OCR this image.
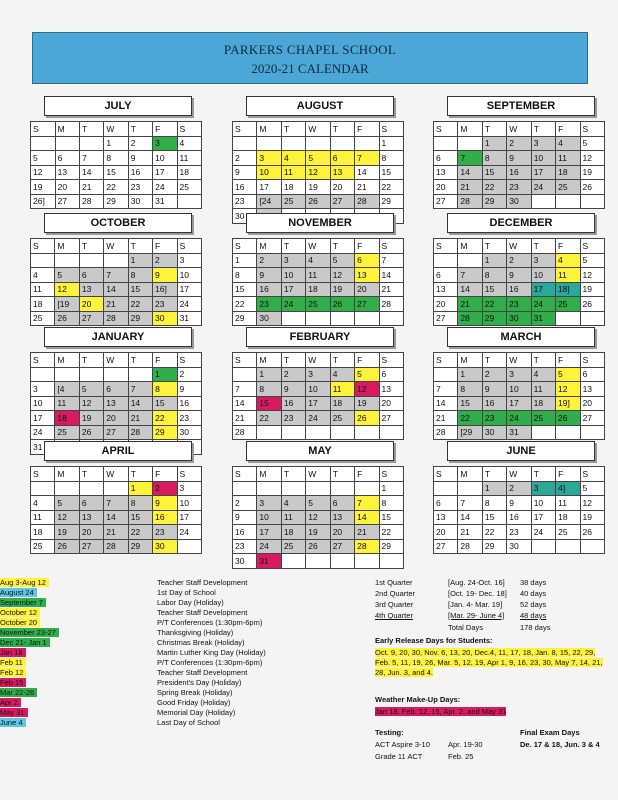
PARKERS CHAPEL SCHOOL
2020-21 CALENDAR
JULY
S	M	T	W	T	F	S
			1	2	3	4
5	6	7	8	9	10	11
12	13	14	15	16	17	18
19	20	21	22	23	24	25
26]	27	28	29	30	31	
AUGUST
S	M	T	W	T	F	S
						1
2	3	4	5	6	7	8
9	10	11	12	13	14	15
16	17	18	19	20	21	22
23	[24	25	26	27	28	29
30						
SEPTEMBER
S	M	T	W	T	F	S
		1	2	3	4	5
6	7	8	9	10	11	12
13	14	15	16	17	18	19
20	21	22	23	24	25	26
27	28	29	30			
OCTOBER
S	M	T	W	T	F	S
				1	2	3
4	5	6	7	8	9	10
11	12	13	14	15	16]	17
18	[19	20	21	22	23	24
25	26	27	28	29	30	31
NOVEMBER
S	M	T	W	T	F	S
1	2	3	4	5	6	7
8	9	10	11	12	13	14
15	16	17	18	19	20	21
22	23	24	25	26	27	28
29	30					
DECEMBER
S	M	T	W	T	F	S
		1	2	3	4	5
6	7	8	9	10	11	12
13	14	15	16	17	18]	19
20	21	22	23	24	25	26
27	28	29	30	31		
JANUARY
S	M	T	W	T	F	S
					1	2
3	[4	5	6	7	8	9
10	11	12	13	14	15	16
17	18	19	20	21	22	23
24	25	26	27	28	29	30
31						
FEBRUARY
S	M	T	W	T	F	S
	1	2	3	4	5	6
7	8	9	10	11	12	13
14	15	16	17	18	19	20
21	22	23	24	25	26	27
28						
MARCH
S	M	T	W	T	F	S
	1	2	3	4	5	6
7	8	9	10	11	12	13
14	15	16	17	18	19]	20
21	22	23	24	25	26	27
28	[29	30	31			
APRIL
S	M	T	W	T	F	S
				1	2	3
4	5	6	7	8	9	10
11	12	13	14	15	16	17
18	19	20	21	22	23	24
25	26	27	28	29	30	
MAY
S	M	T	W	T	F	S
						1
2	3	4	5	6	7	8
9	10	11	12	13	14	15
16	17	18	19	20	21	22
23	24	25	26	27	28	29
30	31					
JUNE
S	M	T	W	T	F	S
		1	2	3	4]	5
6	7	8	9	10	11	12
13	14	15	16	17	18	19
20	21	22	23	24	25	26
27	28	29	30			
Aug 3-Aug 12	Teacher Staff Development
August 24	1st Day of School
September 7	Labor Day (Holiday)
October 12	Teacher Staff Development
October 20	P/T Conferences (1:30pm-6pm)
November 23-27	Thanksgiving (Holiday)
Dec 21- Jan 1	Christmas Break (Holiday)
Jan 18	Martin Luther King Day (Holiday)
Feb 11	P/T Conferences (1:30pm-6pm)
Feb 12	Teacher Staff Development
Feb 15	President's Day (Holiday)
Mar 22-26	Spring Break (Holiday)
Apr 2	Good Friday (Holiday)
May 31	Memorial Day (Holiday)
June 4	Last Day of School
1st Quarter	[Aug. 24-Oct. 16] 38 days
2nd Quarter	[Oct. 19- Dec. 18] 40 days
3rd Quarter	[Jan. 4- Mar. 19] 52 days
4th Quarter	[Mar. 29- June 4] 48 days
Total Days	178 days
Early Release Days for Students:
Oct. 9, 20, 30, Nov. 6, 13, 20, Dec.4, 11, 17, 18, Jan. 8, 15, 22, 29,
Feb. 5, 11, 19, 26, Mar. 5, 12, 19, Apr 1, 9, 16, 23, 30, May 7, 14, 21,
28, Jun. 3, and 4.
Weather Make-Up Days:
Jan 18, Feb. 12, 15, Apr. 2, and May 31
Testing:
ACT Aspire 3-10 Apr. 19-30
Grade 11 ACT	Feb. 25
Final Exam Days
De. 17 & 18, Jun. 3 & 4
